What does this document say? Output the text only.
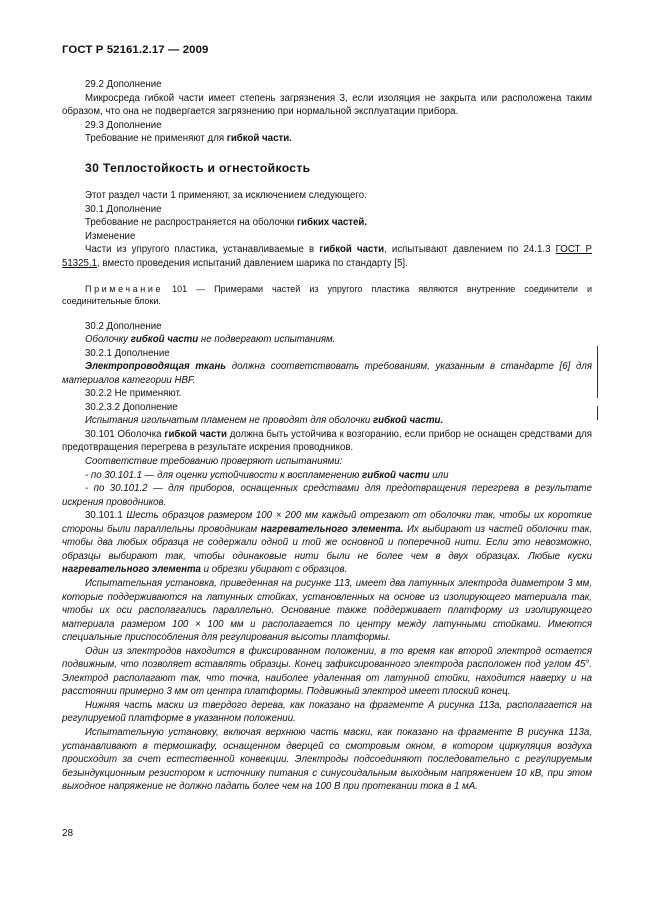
ГОСТ Р 52161.2.17 — 2009

29.2 Дополнение

Микросреда гибкой части имеет степень загрязнения 3, если изоляция не закрыта или расположена таким образом, что она не подвергается загрязнению при нормальной эксплуатации прибора.

29.3 Дополнение

Требование не применяют для гибкой части.

30 Теплостойкость и огнестойкость

Этот раздел части 1 применяют, за исключением следующего.

30.1 Дополнение

Требование не распространяется на оболочки гибких частей.

Изменение

Части из упругого пластика, устанавливаемые в гибкой части, испытывают давлением по 24.1.3 ГОСТ Р 51325.1, вместо проведения испытаний давлением шарика по стандарту [5].

Примечание 101 — Примерами частей из упругого пластика являются внутренние соединители и соединительные блоки.

30.2 Дополнение

Оболочку гибкой части не подвергают испытаниям.

30.2.1 Дополнение

Электропроводящая ткань должна соответствовать требованиям, указанным в стандарте [6] для материалов категории HBF.

30.2.2 Не применяют.

30.2.3.2 Дополнение

Испытания игольчатым пламенем не проводят для оболочки гибкой части.

30.101 Оболочка гибкой части должна быть устойчива к возгоранию, если прибор не оснащен средствами для предотвращения перегрева в результате искрения проводников.

Соответствие требованию проверяют испытаниями:

- по 30.101.1 — для оценки устойчивости к воспламенению гибкой части или

- по 30.101.2 — для приборов, оснащенных средствами для предотвращения перегрева в результате искрения проводников.

30.101.1 Шесть образцов размером 100 × 200 мм каждый отрезают от оболочки так, чтобы их короткие стороны были параллельны проводникам нагревательного элемента. Их выбирают из частей оболочки так, чтобы два любых образца не содержали одной и той же основной и поперечной нити. Если это невозможно, образцы выбирают так, чтобы одинаковые нити были не более чем в двух образцах. Любые куски нагревательного элемента и обрезки убирают с образцов.

Испытательная установка, приведенная на рисунке 113, имеет два латунных электрода диаметром 3 мм, которые поддерживаются на латунных стойках, установленных на основе из изолирующего материала так, чтобы их оси располагались параллельно. Основание также поддерживает платформу из изолирующего материала размером 100 × 100 мм и располагается по центру между латунными стойками. Имеются специальные приспособления для регулирования высоты платформы.

Один из электродов находится в фиксированном положении, в то время как второй электрод остается подвижным, что позволяет вставлять образцы. Конец зафиксированного электрода расположен под углом 45°. Электрод располагают так, что точка, наиболее удаленная от латунной стойки, находится наверху и на расстоянии примерно 3 мм от центра платформы. Подвижный электрод имеет плоский конец.

Нижняя часть маски из твердого дерева, как показано на фрагменте A рисунка 113a, располагается на регулируемой платформе в указанном положении.

Испытательную установку, включая верхнюю часть маски, как показано на фрагменте B рисунка 113a, устанавливают в термошкафу, оснащенном дверцей со смотровым окном, в котором циркуляция воздуха происходит за счет естественной конвекции. Электроды подсоединяют последовательно с регулируемым безындукционным резистором к источнику питания с синусоидальным выходным напряжением 10 кВ, при этом выходное напряжение не должно падать более чем на 100 В при протекании тока в 1 мА.

28
